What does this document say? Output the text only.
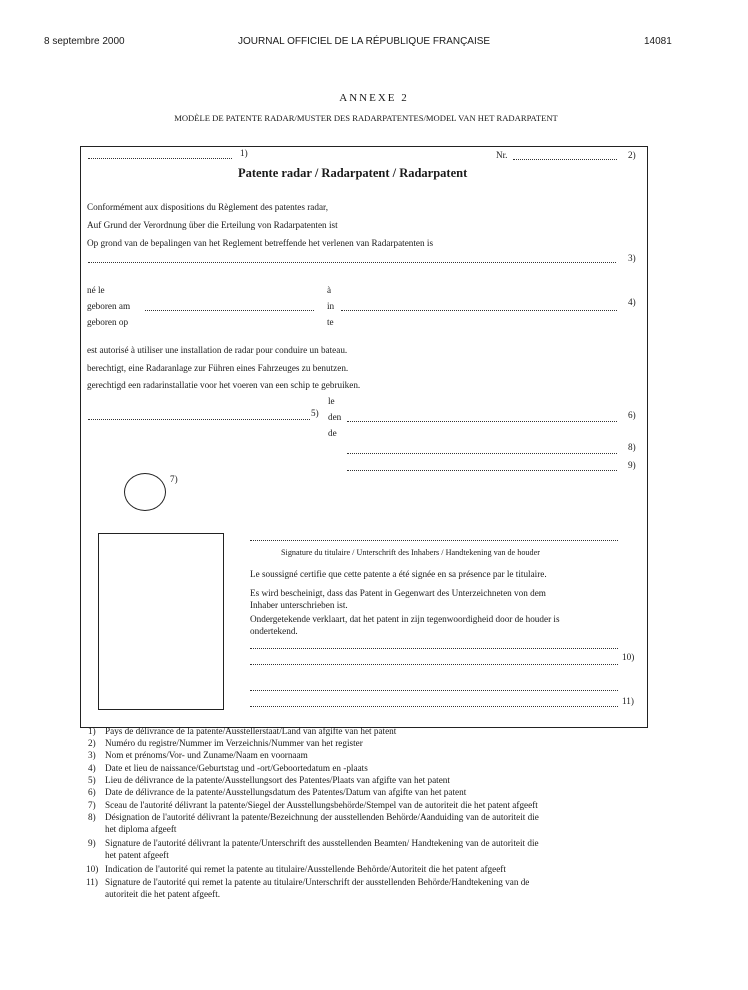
8 septembre 2000	JOURNAL OFFICIEL DE LA RÉPUBLIQUE FRANÇAISE	14081
ANNEXE 2
MODÈLE DE PATENTE RADAR/MUSTER DES RADARPATENTES/MODEL VAN HET RADARPATENT
1)	Nr.	2)
Patente radar / Radarpatent / Radarpatent
Conformément aux dispositions du Règlement des patentes radar,
Auf Grund der Verordnung über die Erteilung von Radarpatenten ist
Op grond van de bepalingen van het Reglement betreffende het verlenen van Radarpatenten is
3)
né le
geboren am
geboren op
à
in
te
4)
est autorisé à utiliser une installation de radar pour conduire un bateau.
berechtigt, eine Radaranlage zur Führen eines Fahrzeuges zu benutzen.
gerechtigd een radarinstallatie voor het voeren van een schip te gebruiken.
5)
le
den
de
6)
8)
9)
7)
Signature du titulaire / Unterschrift des Inhabers / Handtekening van de houder
Le soussigné certifie que cette patente a été signée en sa présence par le titulaire.
Es wird bescheinigt, dass das Patent in Gegenwart des Unterzeichneten von dem
Inhaber unterschrieben ist.
Ondergetekende verklaart, dat het patent in zijn tegenwoordigheid door de houder is
ondertekend.
10)
11)
1) Pays de délivrance de la patente/Ausstellerstaat/Land van afgifte van het patent
2) Numéro du registre/Nummer im Verzeichnis/Nummer van het register
3) Nom et prénoms/Vor- und Zuname/Naam en voornaam
4) Date et lieu de naissance/Geburtstag und -ort/Geboortedatum en -plaats
5) Lieu de délivrance de la patente/Ausstellungsort des Patentes/Plaats van afgifte van het patent
6) Date de délivrance de la patente/Ausstellungsdatum des Patentes/Datum van afgifte van het patent
7) Sceau de l'autorité délivrant la patente/Siegel der Ausstellungsbehörde/Stempel van de autoriteit die het patent afgeeft
8) Désignation de l'autorité délivrant la patente/Bezeichnung der ausstellenden Behörde/Aanduiding van de autoriteit die
het diploma afgeeft
9) Signature de l'autorité délivrant la patente/Unterschrift des ausstellenden Beamten/ Handtekening van de autoriteit die
het patent afgeeft
10) Indication de l'autorité qui remet la patente au titulaire/Ausstellende Behörde/Autoriteit die het patent afgeeft
11) Signature de l'autorité qui remet la patente au titulaire/Unterschrift der ausstellenden Behörde/Handtekening van de
autoriteit die het patent afgeeft.
